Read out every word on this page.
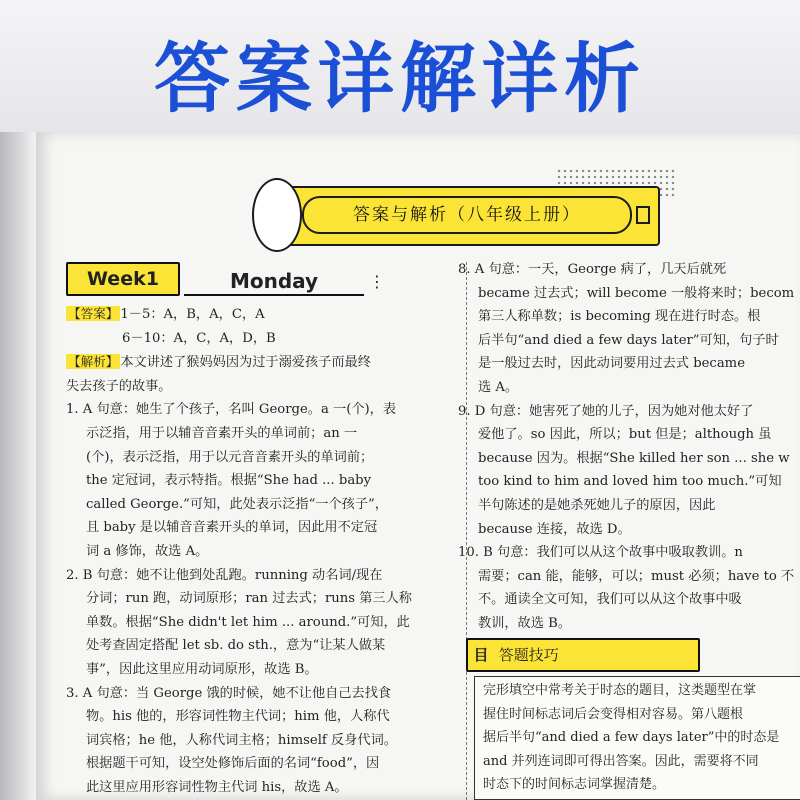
答案详解详析
答案与解析（八年级上册）
Week1	Monday	⋮
【答案】 1－5：A，B，A，C，A
6－10：A，C，A，D，B
【解析】 本文讲述了猴妈妈因为过于溺爱孩子而最终
失去孩子的故事。
1. A 句意：她生了个孩子，名叫 George。a 一(个)，表
示泛指，用于以辅音音素开头的单词前；an 一
(个)，表示泛指，用于以元音音素开头的单词前；
the 定冠词，表示特指。根据“She had ... baby
called George.”可知，此处表示泛指“一个孩子”，
且 baby 是以辅音音素开头的单词，因此用不定冠
词 a 修饰，故选 A。
2. B 句意：她不让他到处乱跑。running 动名词/现在
分词；run 跑，动词原形；ran 过去式；runs 第三人称
单数。根据“She didn't let him ... around.”可知，此
处考查固定搭配 let sb. do sth.，意为“让某人做某
事”，因此这里应用动词原形，故选 B。
3. A 句意：当 George 饿的时候，她不让他自己去找食
物。his 他的，形容词性物主代词；him 他，人称代
词宾格；he 他，人称代词主格；himself 反身代词。
根据题干可知，设空处修饰后面的名词“food”，因
此这里应用形容词性物主代词 his，故选 A。
8. A 句意：一天，George 病了，几天后就死
became 过去式；will become 一般将来时；becom
第三人称单数；is becoming 现在进行时态。根
后半句“and died a few days later”可知，句子时
是一般过去时，因此动词要用过去式 became
选 A。
9. D 句意：她害死了她的儿子，因为她对他太好了
爱他了。so 因此，所以；but 但是；although 虽
because 因为。根据“She killed her son ... she w
too kind to him and loved him too much.”可知
半句陈述的是她杀死她儿子的原因，因此
because 连接，故选 D。
10. B 句意：我们可以从这个故事中吸取教训。n
需要；can 能，能够，可以；must 必须；have to 不
不。通读全文可知，我们可以从这个故事中吸
教训，故选 B。
目 答题技巧
完形填空中常考关于时态的题目，这类题型在掌
握住时间标志词后会变得相对容易。第八题根
据后半句“and died a few days later”中的时态是
and 并列连词即可得出答案。因此，需要将不同
时态下的时间标志词掌握清楚。
